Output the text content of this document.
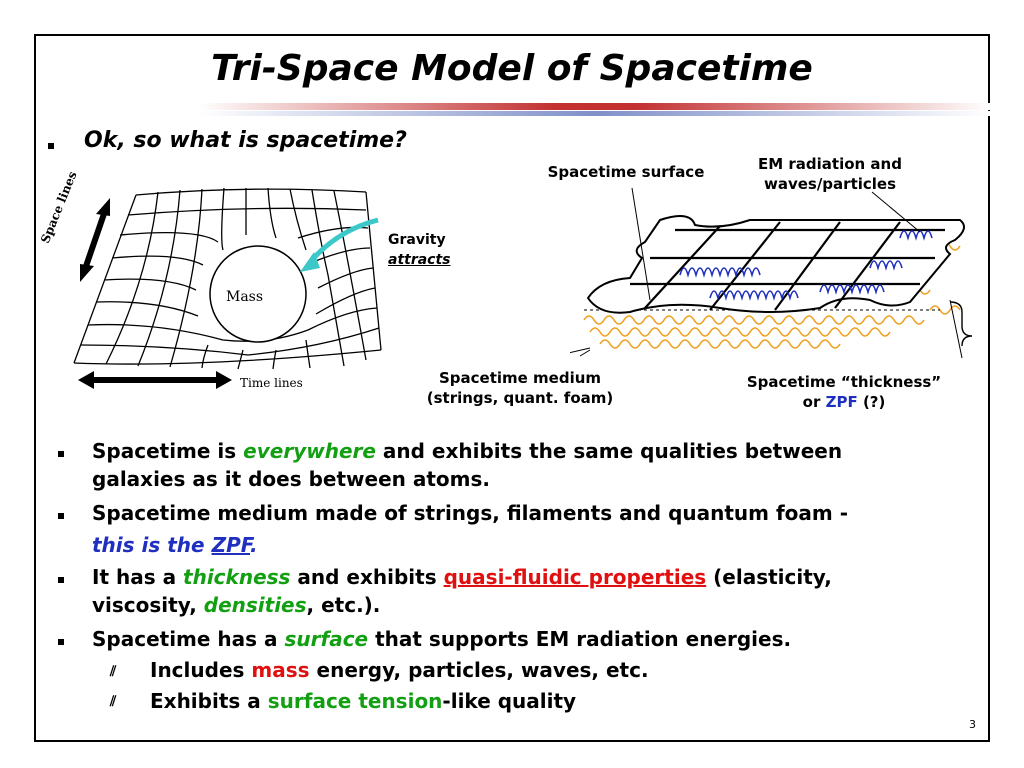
Tri-Space Model of Spacetime
Ok, so what is spacetime?
Space lines
Mass
Time lines
Gravity
attracts
Spacetime surface	EM radiation and
waves/particles
Spacetime medium
(strings, quant. foam)
Spacetime “thickness”
or ZPF (?)
Spacetime is everywhere and exhibits the same qualities between
galaxies as it does between atoms.
Spacetime medium made of strings, filaments and quantum foam -
this is the ZPF.
It has a thickness and exhibits quasi-fluidic properties (elasticity,
viscosity, densities, etc.).
Spacetime has a surface that supports EM radiation energies.
⫽ Includes mass energy, particles, waves, etc.
⫽ Exhibits a surface tension-like quality
3
